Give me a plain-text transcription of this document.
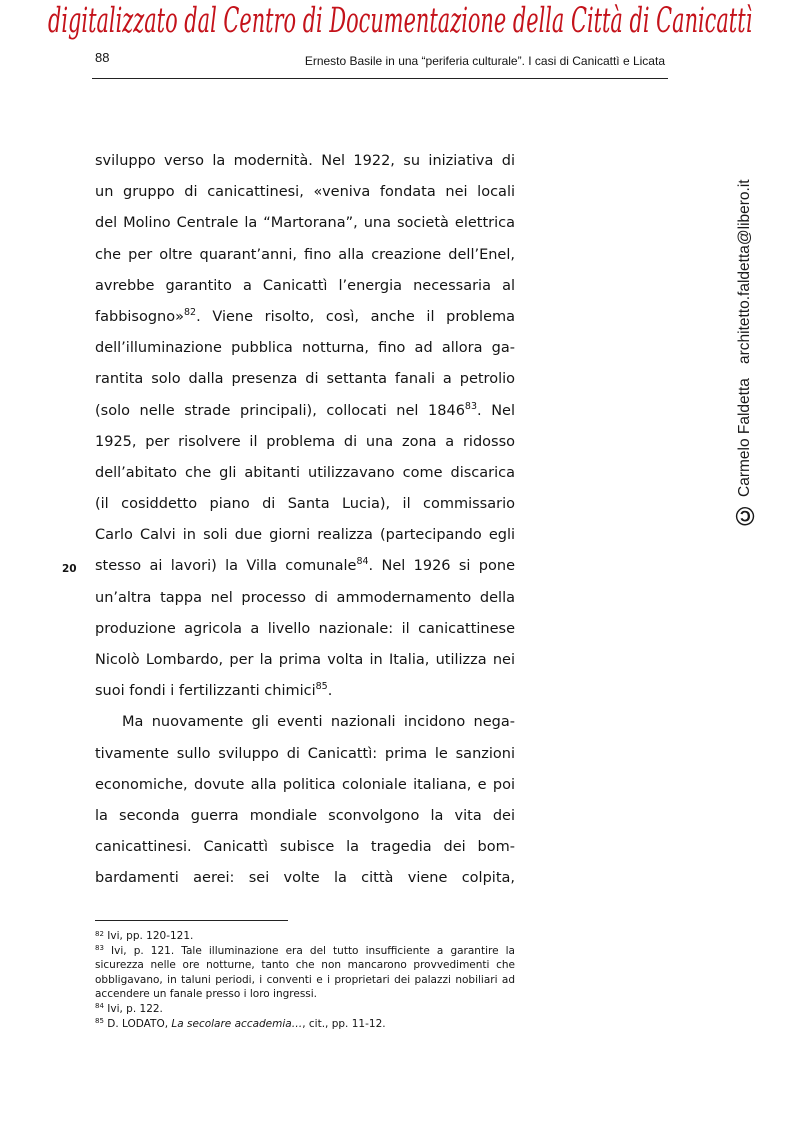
digitalizzato dal Centro di Documentazione della Città di Canicattì
88	Ernesto Basile in una “periferia culturale”. I casi di Canicattì e Licata
20
sviluppo verso la modernità. Nel 1922, su iniziativa di
un gruppo di canicattinesi, «veniva fondata nei locali
del Molino Centrale la “Martorana”, una società elettrica
che per oltre quarant’anni, fino alla creazione dell’Enel,
avrebbe garantito a Canicattì l’energia necessaria al
fabbisogno»$^{82}$. Viene risolto, così, anche il problema
dell’illuminazione pubblica notturna, fino ad allora ga-
rantita solo dalla presenza di settanta fanali a petrolio
(solo nelle strade principali), collocati nel 1846$^{83}$. Nel
1925, per risolvere il problema di una zona a ridosso
dell’abitato che gli abitanti utilizzavano come discarica
(il cosiddetto piano di Santa Lucia), il commissario
Carlo Calvi in soli due giorni realizza (partecipando egli
stesso ai lavori) la Villa comunale$^{84}$. Nel 1926 si pone
un’altra tappa nel processo di ammodernamento della
produzione agricola a livello nazionale: il canicattinese
Nicolò Lombardo, per la prima volta in Italia, utilizza nei
suoi fondi i fertilizzanti chimici$^{85}$.
Ma nuovamente gli eventi nazionali incidono nega-
tivamente sullo sviluppo di Canicattì: prima le sanzioni
economiche, dovute alla politica coloniale italiana, e poi
la seconda guerra mondiale sconvolgono la vita dei
canicattinesi. Canicattì subisce la tragedia dei bom-
bardamenti aerei: sei volte la città viene colpita,
©Carmelo Faldettaarchitetto.faldetta@libero.it
$^{82}$ Ivi, pp. 120-121.
$^{83}$ Ivi, p. 121. Tale illuminazione era del tutto insufficiente a garantire la
sicurezza nelle ore notturne, tanto che non mancarono provvedimenti che
obbligavano, in taluni periodi, i conventi e i proprietari dei palazzi nobiliari ad
accendere un fanale presso i loro ingressi.
$^{84}$ Ivi, p. 122.
$^{85}$ D. LODATO, La secolare accademia…, cit., pp. 11-12.
